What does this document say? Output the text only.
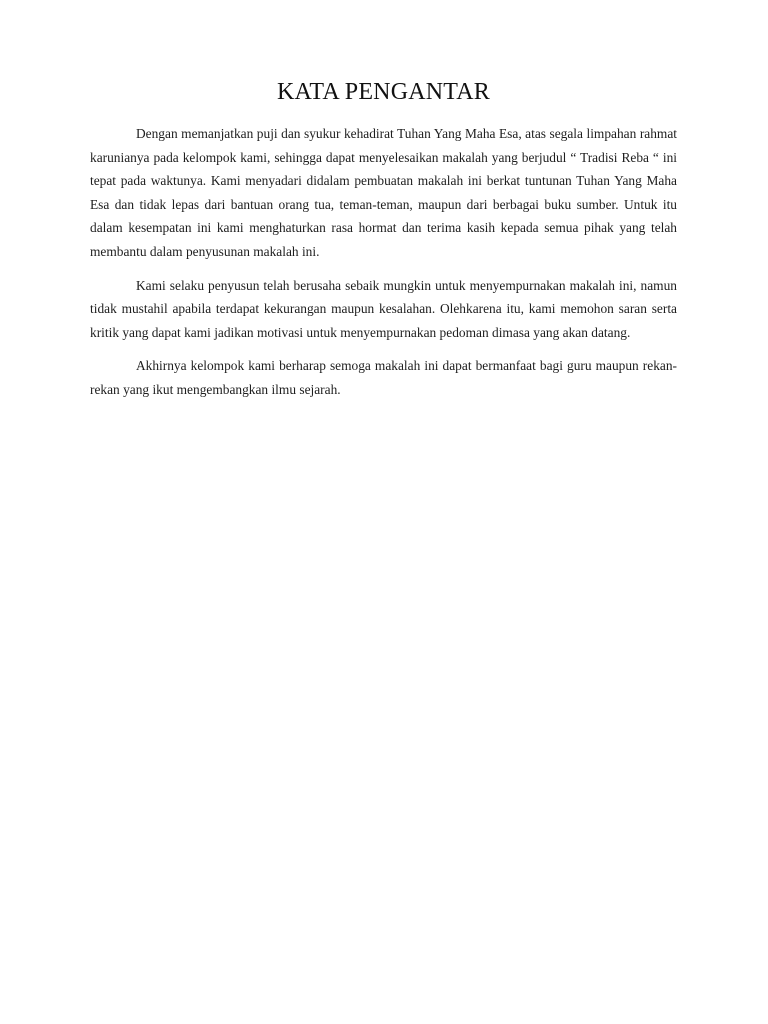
KATA PENGANTAR

Dengan memanjatkan puji dan syukur kehadirat Tuhan Yang Maha Esa, atas segala limpahan rahmat karunianya pada kelompok kami, sehingga dapat menyelesaikan makalah yang berjudul “ Tradisi Reba “ ini tepat pada waktunya. Kami menyadari didalam pembuatan makalah ini berkat tuntunan Tuhan Yang Maha Esa dan tidak lepas dari bantuan orang tua, teman-teman, maupun dari berbagai buku sumber. Untuk itu dalam kesempatan ini kami menghaturkan rasa hormat dan terima kasih kepada semua pihak yang telah membantu dalam penyusunan makalah ini.

Kami selaku penyusun telah berusaha sebaik mungkin untuk menyempurnakan makalah ini, namun tidak mustahil apabila terdapat kekurangan maupun kesalahan. Olehkarena itu, kami memohon saran serta kritik yang dapat kami jadikan motivasi untuk menyempurnakan pedoman dimasa yang akan datang.

Akhirnya kelompok kami berharap semoga makalah ini dapat bermanfaat bagi guru maupun rekan-rekan yang ikut mengembangkan ilmu sejarah.
